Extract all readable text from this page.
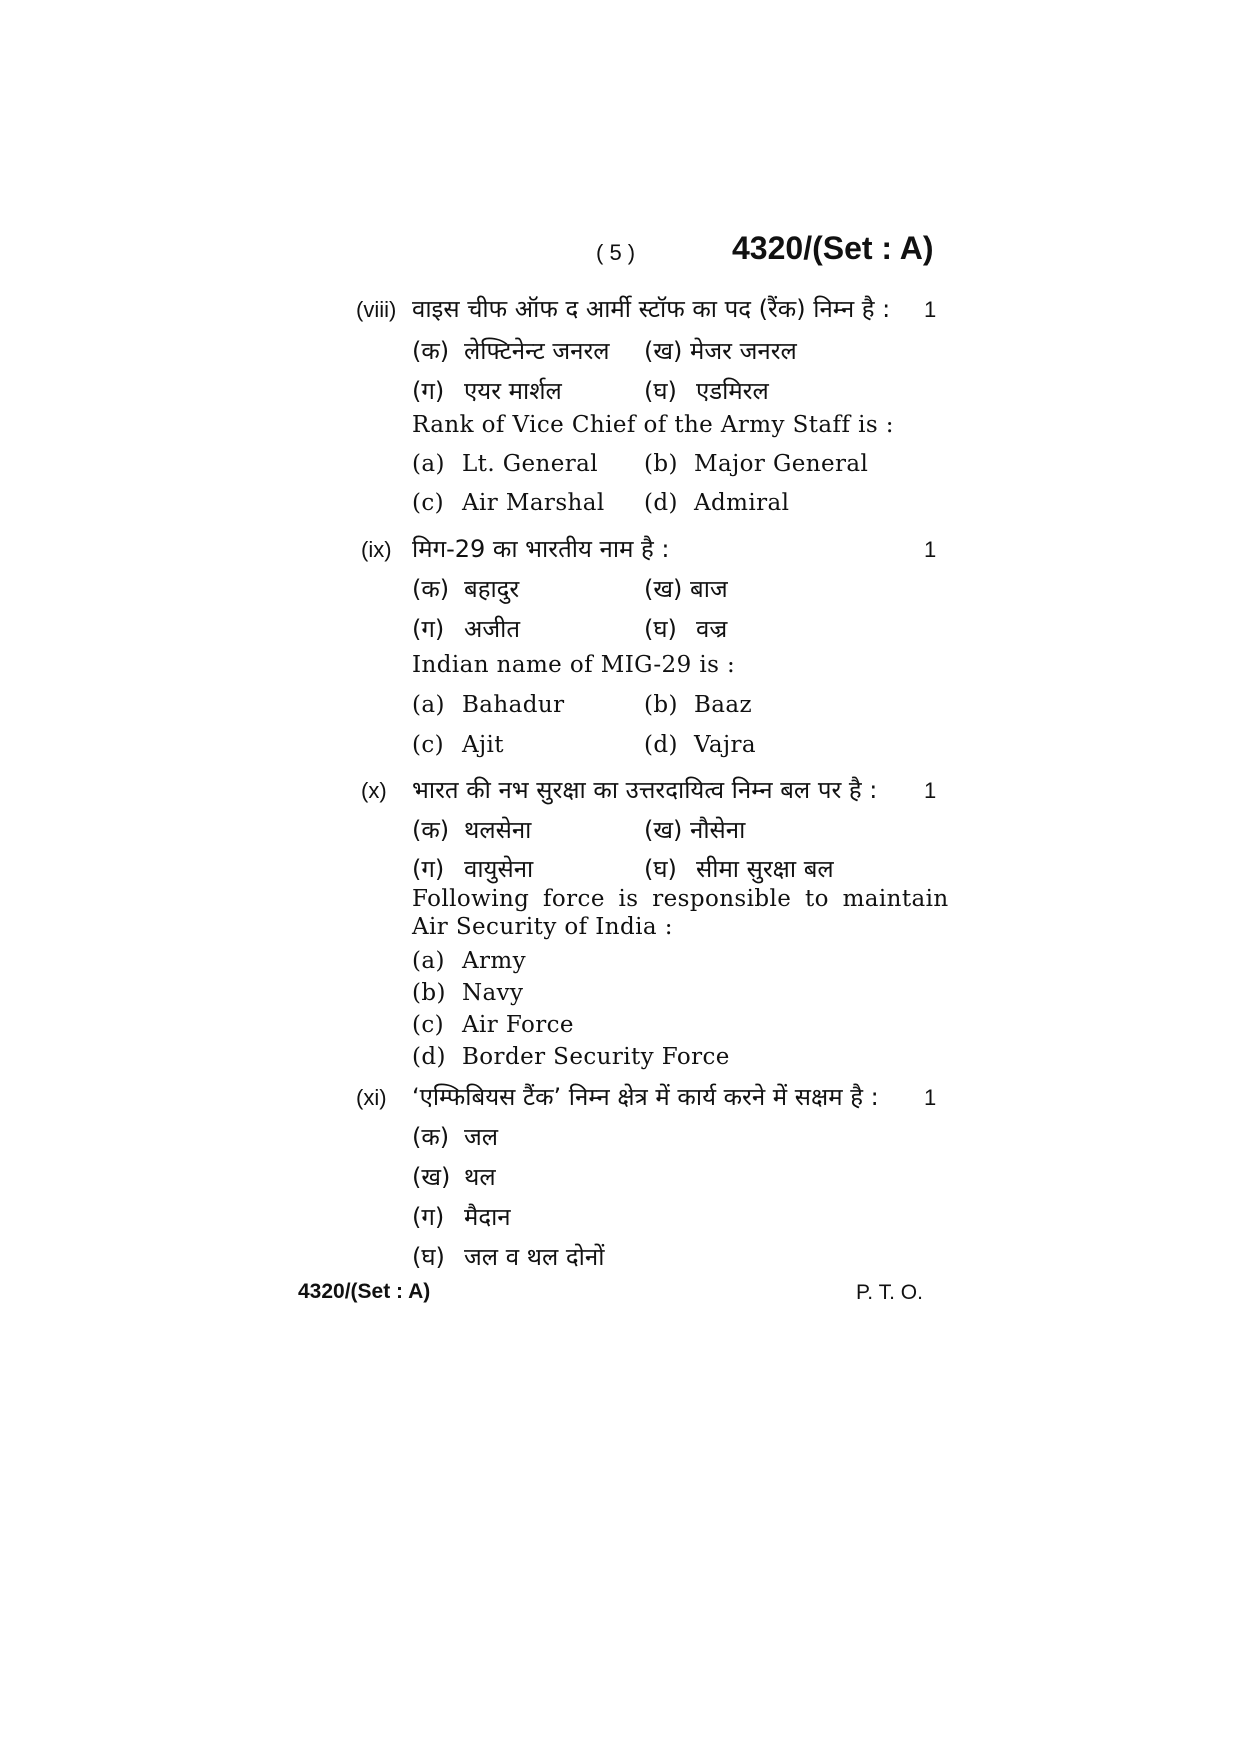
( 5 )	4320/(Set : A)
(viii) वाइस चीफ ऑफ द आर्मी स्टॉफ का पद (रैंक) निम्न है : 1
(क) लेफ्टिनेन्ट जनरल (ख) मेजर जनरल
(ग) एयर मार्शल	(घ) एडमिरल
Rank of Vice Chief of the Army Staff is :
(a) Lt. General (b) Major General
(c) Air Marshal (d) Admiral
(ix) मिग-29 का भारतीय नाम है :	1
(क) बहादुर	(ख) बाज
(ग) अजीत	(घ) वज्र
Indian name of MIG-29 is :
(a) Bahadur	(b) Baaz
(c) Ajit	(d) Vajra
(x) भारत की नभ सुरक्षा का उत्तरदायित्व निम्न बल पर है : 1
(क) थलसेना	(ख) नौसेना
(ग) वायुसेना	(घ) सीमा सुरक्षा बल
Following force is responsible to maintain
Air Security of India :
(a) Army
(b) Navy
(c) Air Force
(d) Border Security Force
(xi) ‘एम्फिबियस टैंक’ निम्न क्षेत्र में कार्य करने में सक्षम है : 1
(क) जल
(ख) थल
(ग) मैदान
(घ) जल व थल दोनों
4320/(Set : A)	P. T. O.
